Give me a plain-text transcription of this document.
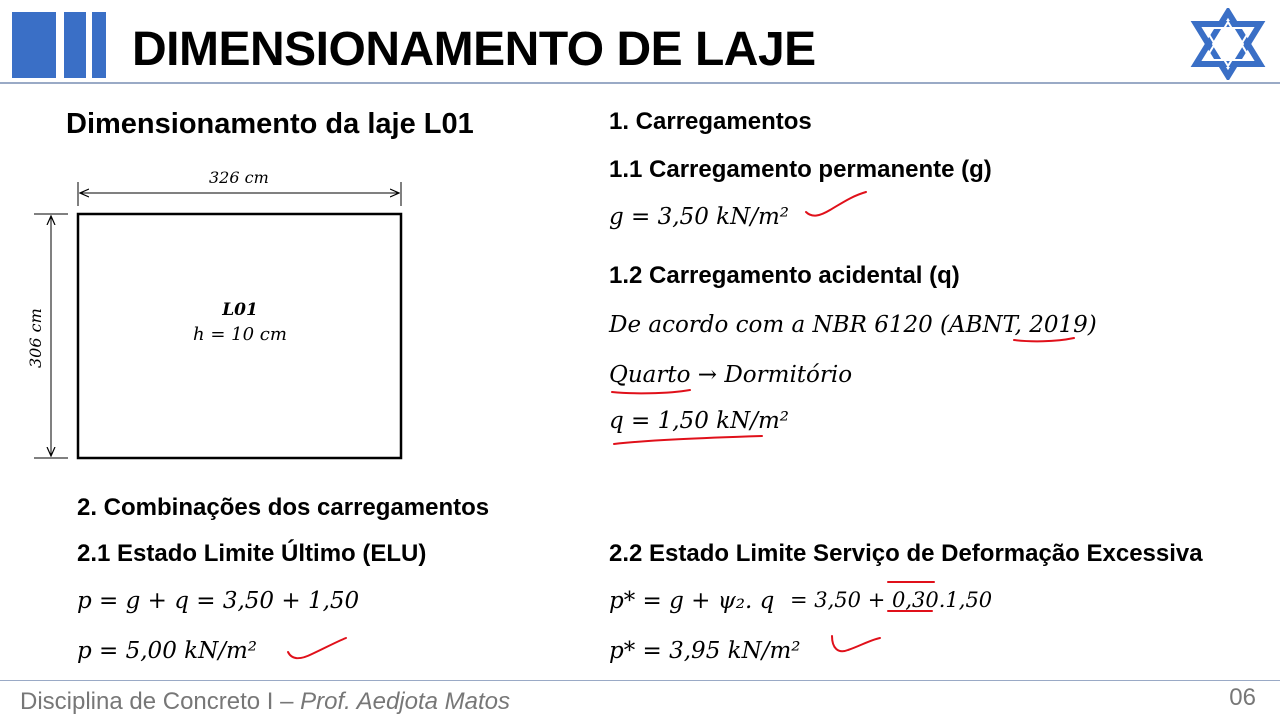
DIMENSIONAMENTO DE LAJE
Dimensionamento da laje L01
326 cm
306 cm	L01
h = 10 cm
1. Carregamentos
1.1 Carregamento permanente (g)
g = 3,50 kN/m²
1.2 Carregamento acidental (q)
De acordo com a NBR 6120 (ABNT, 2019)
Quarto → Dormitório
q = 1,50 kN/m²
2. Combinações dos carregamentos
2.1 Estado Limite Último (ELU)
p = g + q = 3,50 + 1,50
p = 5,00 kN/m²
2.2 Estado Limite Serviço de Deformação Excessiva
p* = g + ψ₂. q = 3,50 + 0,30.1,50
p* = 3,95 kN/m²
Disciplina de Concreto I – Prof. Aedjota Matos	06
